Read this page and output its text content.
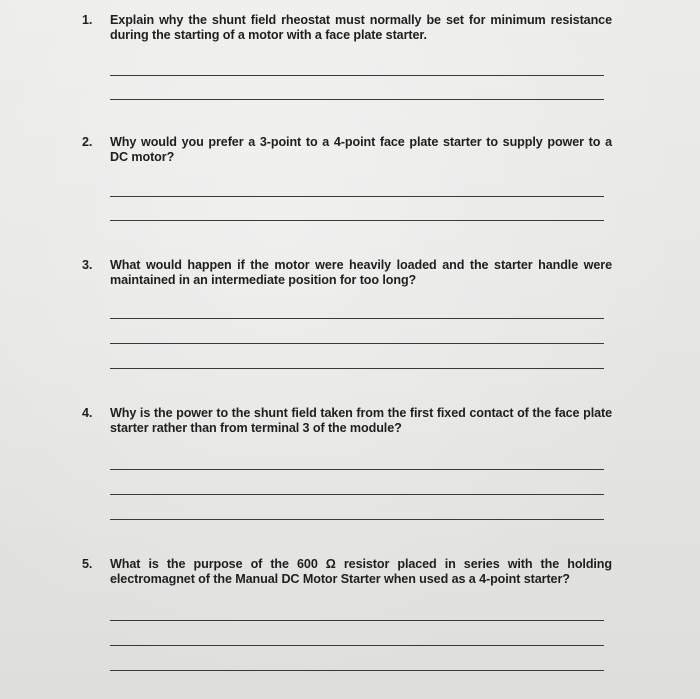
1.	Explain why the shunt field rheostat must normally be set for minimum resistance during the starting of a motor with a face plate starter.
2.	Why would you prefer a 3-point to a 4-point face plate starter to supply power to a DC motor?
3.	What would happen if the motor were heavily loaded and the starter handle were maintained in an intermediate position for too long?
4.	Why is the power to the shunt field taken from the first fixed contact of the face plate starter rather than from terminal 3 of the module?
5.	What is the purpose of the 600 Ω resistor placed in series with the holding electromagnet of the Manual DC Motor Starter when used as a 4-point starter?
